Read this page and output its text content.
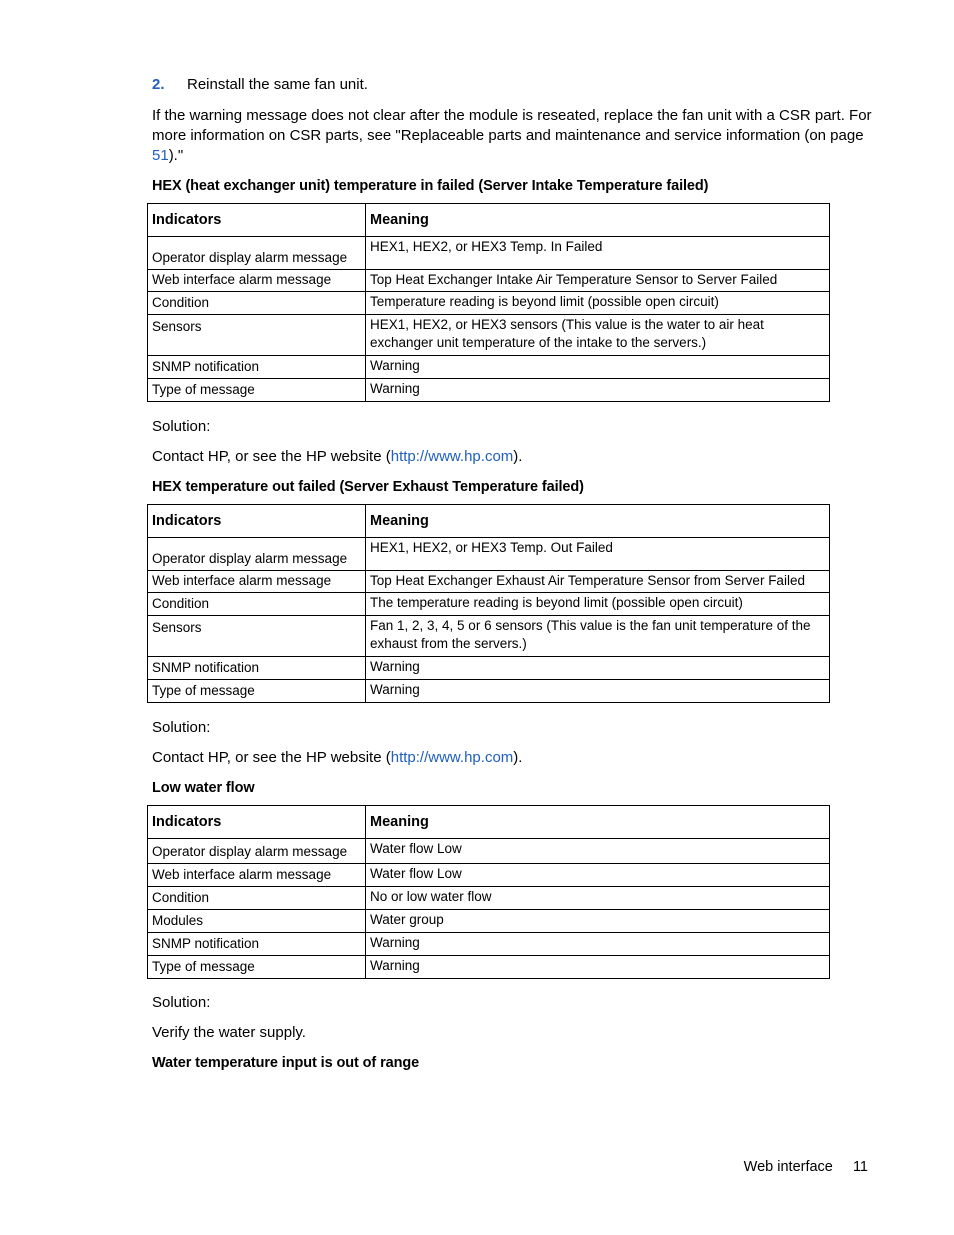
2. Reinstall the same fan unit.
If the warning message does not clear after the module is reseated, replace the fan unit with a CSR part. For more information on CSR parts, see "Replaceable parts and maintenance and service information (on page 51)."
HEX (heat exchanger unit) temperature in failed (Server Intake Temperature failed)
Indicators	Meaning
Operator display alarm message	HEX1, HEX2, or HEX3 Temp. In Failed
Web interface alarm message	Top Heat Exchanger Intake Air Temperature Sensor to Server Failed
Condition	Temperature reading is beyond limit (possible open circuit)
Sensors	HEX1, HEX2, or HEX3 sensors (This value is the water to air heat exchanger unit temperature of the intake to the servers.)
SNMP notification	Warning
Type of message	Warning
Solution:
Contact HP, or see the HP website (http://www.hp.com).
HEX temperature out failed (Server Exhaust Temperature failed)
Indicators	Meaning
Operator display alarm message	HEX1, HEX2, or HEX3 Temp. Out Failed
Web interface alarm message	Top Heat Exchanger Exhaust Air Temperature Sensor from Server Failed
Condition	The temperature reading is beyond limit (possible open circuit)
Sensors	Fan 1, 2, 3, 4, 5 or 6 sensors (This value is the fan unit temperature of the exhaust from the servers.)
SNMP notification	Warning
Type of message	Warning
Solution:
Contact HP, or see the HP website (http://www.hp.com).
Low water flow
Indicators	Meaning
Operator display alarm message	Water flow Low
Web interface alarm message	Water flow Low
Condition	No or low water flow
Modules	Water group
SNMP notification	Warning
Type of message	Warning
Solution:
Verify the water supply.
Water temperature input is out of range
Web interface 11
